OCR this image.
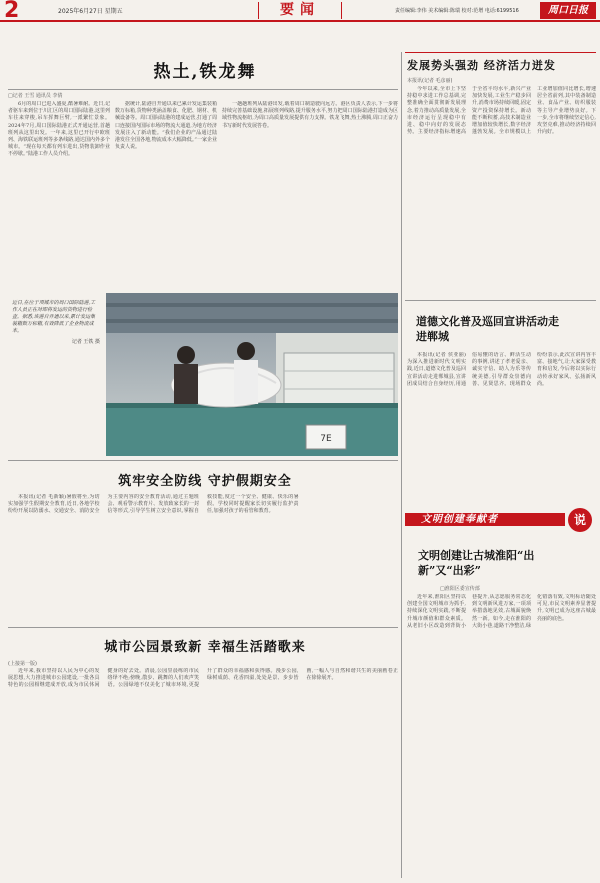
2	2025年6月27日 星期五	要闻	责任编辑:李伟 美术编辑:陈瑞 校对:范增 电话:6199516	周口日报
热土,铁龙舞
□记者 王雪 通讯员 李倩

6月的周口已进入盛夏,酷暑难耐。近日,记者驱车来到位于川汇区的周口国际陆港,这里列车往来穿梭,吊车挥舞巨臂,一派繁忙景象。2024年7月,周口国际陆港正式开通运营,首趟班列从这里出发。一年来,这里已开行中欧班列、海铁联运班列等多条线路,通达国内外多个城市。“现在每天都有列车进出,货物装卸作业不停歇。”陆港工作人员介绍。

据统计,陆港自开通以来已累计发运集装箱数万标箱,货物种类涵盖粮食、化肥、钢材、机械设备等。周口国际陆港的建成运营,打通了周口连接国内国际市场的物流大通道,为地方经济发展注入了新动能。“我们企业的产品通过陆港发往全国各地,物流成本大幅降低。”一家企业负责人说。

一趟趟班列从陆港出发,载着周口制造驶向远方。港区负责人表示,下一步将持续完善基础设施,拓展班列线路,提升服务水平,努力把周口国际陆港打造成为区域性物流枢纽,为周口高质量发展提供有力支撑。铁龙飞舞,热土沸腾,周口正奋力书写新时代发展答卷。

近日,在位于项城市的周口国际陆港,工作人员正在对即将发运的货物进行检查。据悉,该港自开通以来,累计发运集装箱数万标箱,有效降低了企业物流成本。

记者 王铁 摄

7E
发展势头强劲 经济活力迸发
本报讯(记者 毛彦丽)

今年以来,全市上下坚持稳中求进工作总基调,完整准确全面贯彻新发展理念,着力推动高质量发展,全市经济运行呈现稳中有进、稳中向好的发展态势。主要经济指标增速高于全省平均水平,新兴产业加快发展,工业生产稳步回升,消费市场持续回暖,固定资产投资保持增长。新动能不断积蓄,高技术制造业增加值较快增长,数字经济蓬勃发展。全市规模以上工业增加值同比增长,增速居全省前列,其中装备制造业、食品产业、纺织服装等主导产业增势良好。下一步,全市将继续坚定信心,攻坚克难,推动经济持续回升向好。

道德文化普及巡回宣讲活动走进郸城

本报讯(记者 侯亚丽)为深入推进新时代文明实践,近日,道德文化普及巡回宣讲活动走进郸城县,宣讲团成员结合自身经历,用通俗易懂的语言、鲜活生动的事例,讲述了孝老爱亲、诚实守信、助人为乐等传统美德,引导群众崇德向善、见贤思齐。现场群众纷纷表示,此次宣讲内容丰富、接地气,让大家深受教育和启发,今后将以实际行动传承好家风、弘扬新风尚。

文明创建奉献者	说
文明创建让古城淮阳“出新”又“出彩”
□淮阳区委宣传部

近年来,淮阳区坚持以创建全国文明城市为抓手,持续深化文明实践,不断提升城市颜值和群众素质。从老旧小区改造到背街小巷提升,从志愿服务常态化到文明新风进万家,一项项举措落地见效,古城面貌焕然一新。如今,走在淮阳的大街小巷,道路干净整洁,绿化错落有致,文明标语随处可见,市民文明素养显著提升,文明已成为这座古城最亮丽的底色。

筑牢安全防线 守护假期安全

本报讯(记者 毛新颖)暑假将至,为切实加强学生假期安全教育,近日,各地学校纷纷开展以防溺水、交通安全、消防安全为主要内容的安全教育活动,通过主题班会、观看警示教育片、发放致家长的一封信等形式,引导学生树立安全意识,掌握自救技能,度过一个安全、健康、快乐的暑假。学校同时提醒家长切实履行监护责任,加强对孩子的看管和教育。

城市公园景致新 幸福生活踏歌来
(上接第一版)

近年来,我市坚持以人民为中心的发展思想,大力推进城市公园建设,一批各具特色的公园相继建成开放,成为市民休闲健身的好去处。清晨,公园里晨练的市民络绎不绝;傍晚,散步、跳舞的人们欢声笑语。公园绿地不仅美化了城市环境,更提升了群众的幸福感和获得感。漫步公园,绿树成荫、花香四溢,处处是景、步步皆画,一幅人与自然和谐共生的美丽画卷正在徐徐展开。
